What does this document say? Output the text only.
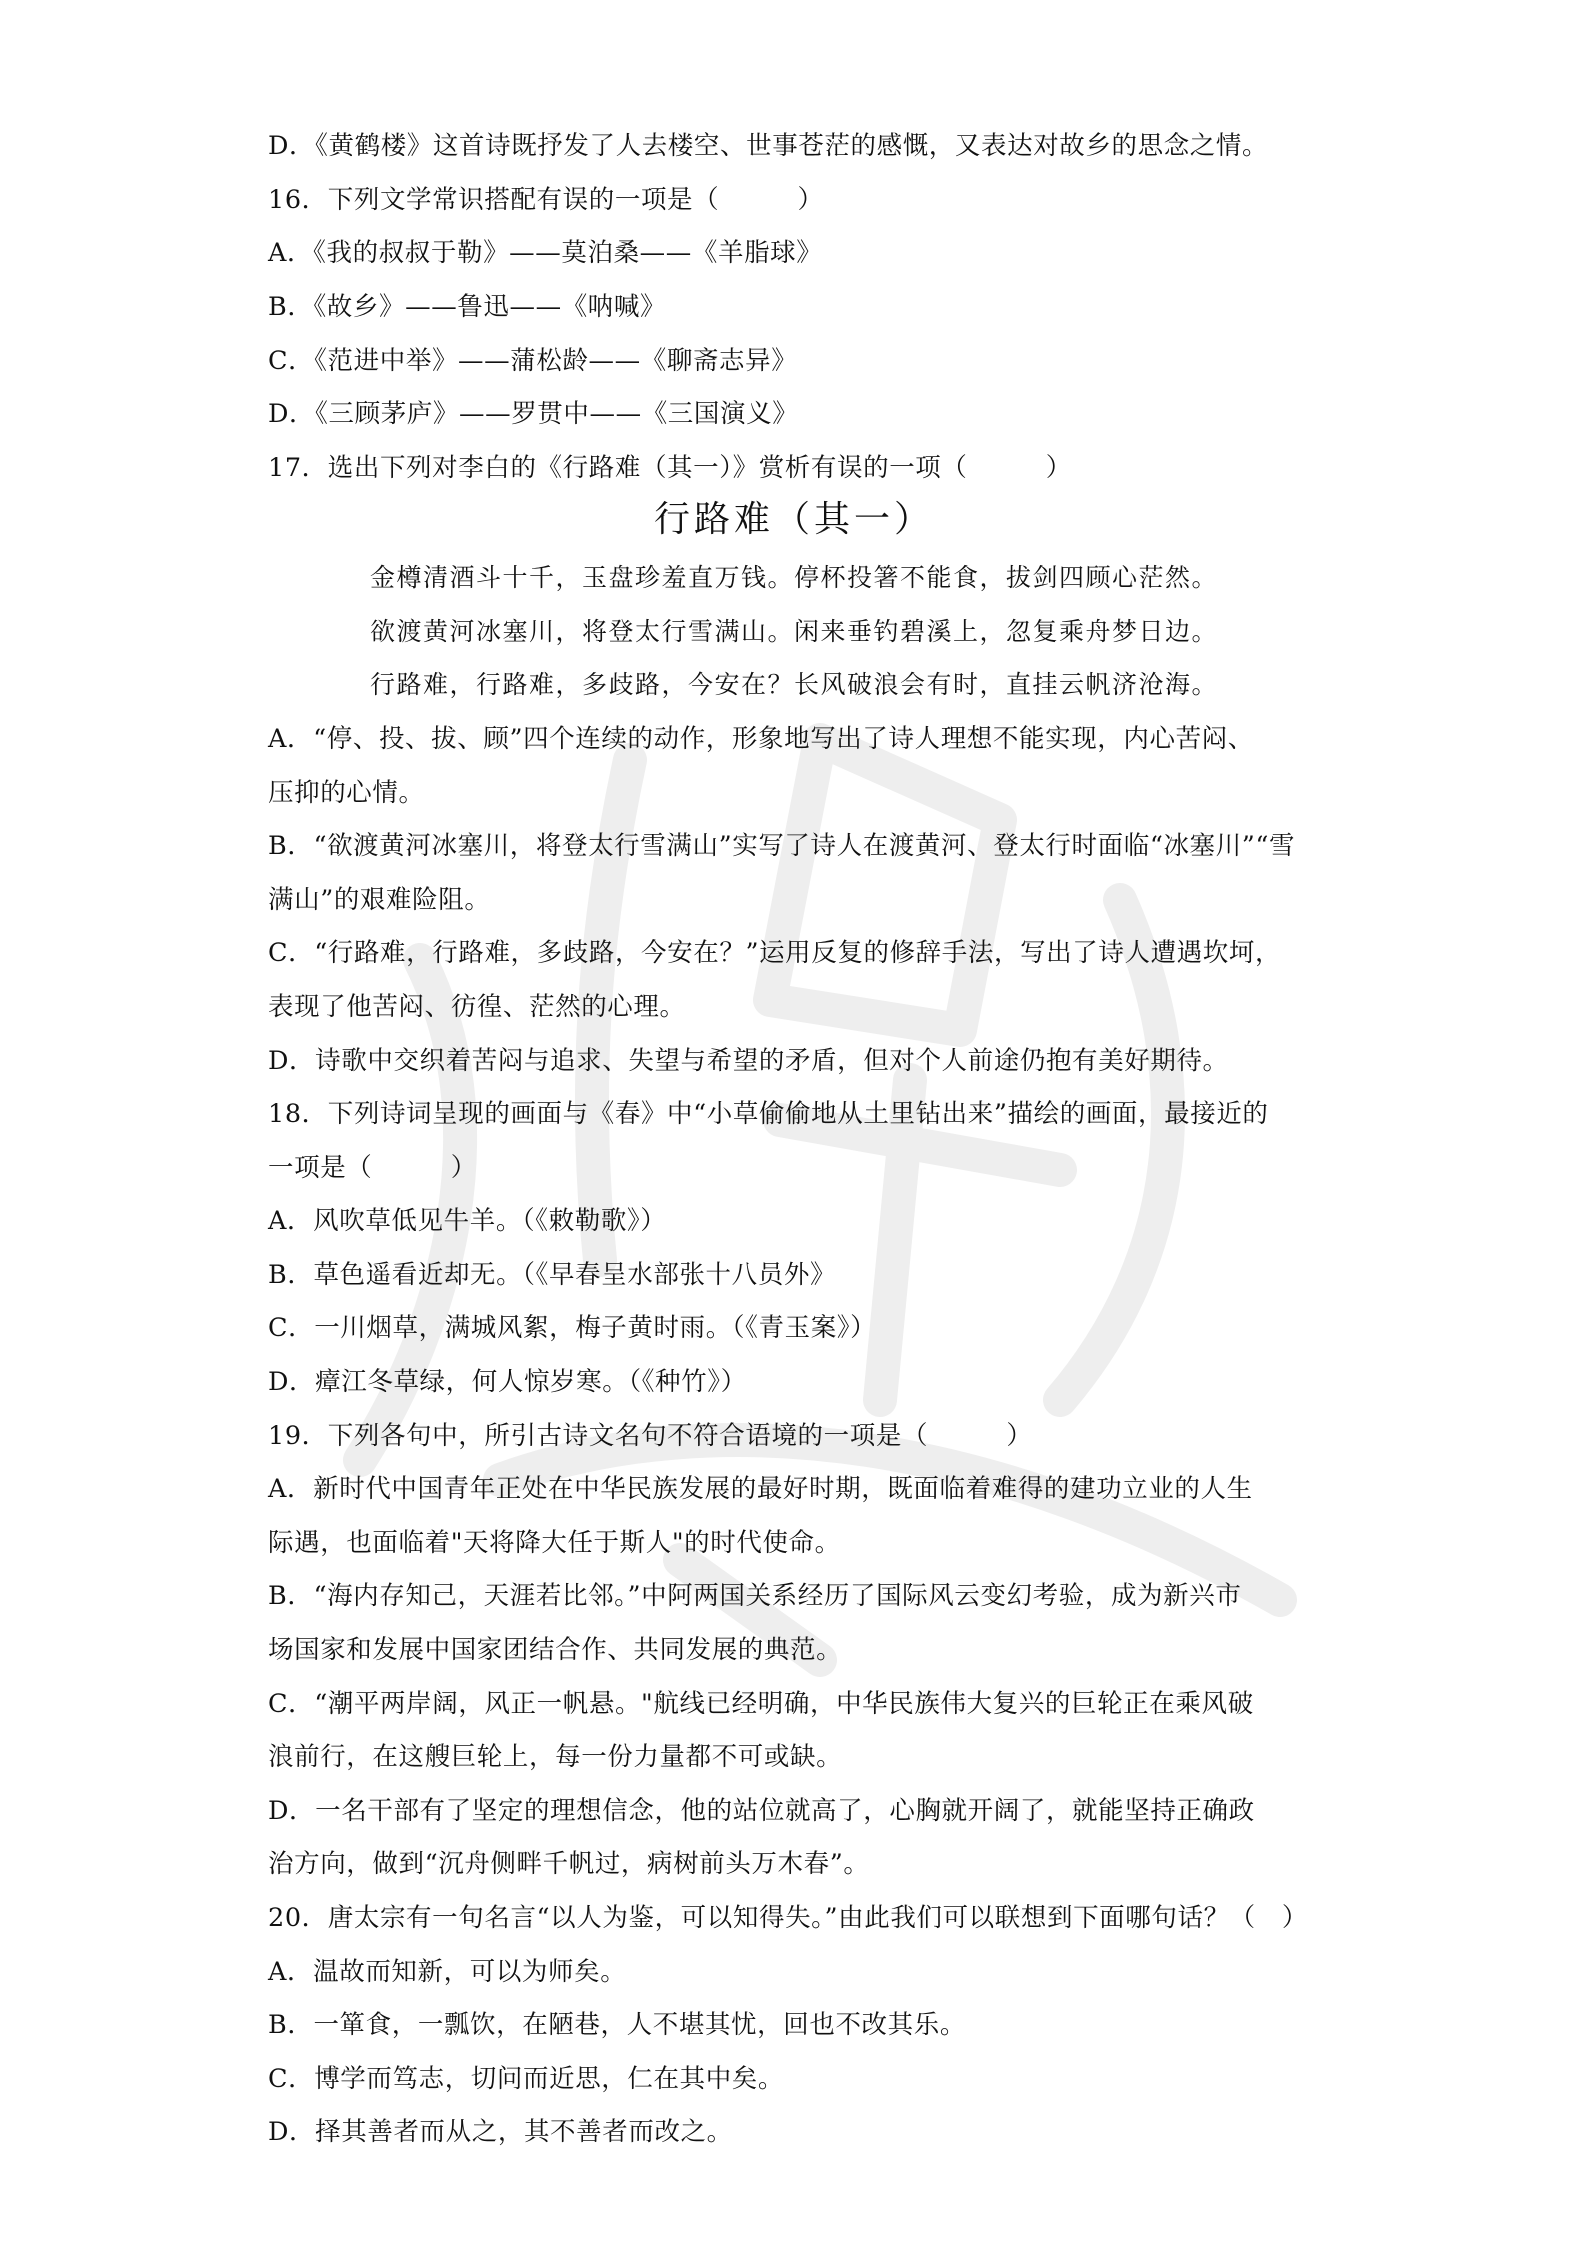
D．《黄鹤楼》这首诗既抒发了人去楼空、世事苍茫的感慨，又表达对故乡的思念之情。
16．下列文学常识搭配有误的一项是（　　　）
A．《我的叔叔于勒》——莫泊桑——《羊脂球》
B．《故乡》——鲁迅——《呐喊》
C．《范进中举》——蒲松龄——《聊斋志异》
D．《三顾茅庐》——罗贯中——《三国演义》
17．选出下列对李白的《行路难（其一）》赏析有误的一项（　　　）
行路难（其一）
金樽清酒斗十千，玉盘珍羞直万钱。停杯投箸不能食，拔剑四顾心茫然。
欲渡黄河冰塞川，将登太行雪满山。闲来垂钓碧溪上，忽复乘舟梦日边。
行路难，行路难，多歧路，今安在？长风破浪会有时，直挂云帆济沧海。
A．“停、投、拔、顾”四个连续的动作，形象地写出了诗人理想不能实现，内心苦闷、
压抑的心情。
B．“欲渡黄河冰塞川，将登太行雪满山”实写了诗人在渡黄河、登太行时面临“冰塞川”“雪
满山”的艰难险阻。
C．“行路难，行路难，多歧路，今安在？”运用反复的修辞手法，写出了诗人遭遇坎坷，
表现了他苦闷、彷徨、茫然的心理。
D．诗歌中交织着苦闷与追求、失望与希望的矛盾，但对个人前途仍抱有美好期待。
18．下列诗词呈现的画面与《春》中“小草偷偷地从土里钻出来”描绘的画面，最接近的
一项是（　　　）
A．风吹草低见牛羊。（《敕勒歌》）
B．草色遥看近却无。（《早春呈水部张十八员外》
C．一川烟草，满城风絮，梅子黄时雨。（《青玉案》）
D．瘴江冬草绿，何人惊岁寒。（《种竹》）
19．下列各句中，所引古诗文名句不符合语境的一项是（　　　）
A．新时代中国青年正处在中华民族发展的最好时期，既面临着难得的建功立业的人生
际遇，也面临着"天将降大任于斯人"的时代使命。
B．“海内存知己，天涯若比邻。”中阿两国关系经历了国际风云变幻考验，成为新兴市
场国家和发展中国家团结合作、共同发展的典范。
C．“潮平两岸阔，风正一帆悬。"航线已经明确，中华民族伟大复兴的巨轮正在乘风破
浪前行，在这艘巨轮上，每一份力量都不可或缺。
D．一名干部有了坚定的理想信念，他的站位就高了，心胸就开阔了，就能坚持正确政
治方向，做到“沉舟侧畔千帆过，病树前头万木春”。
20．唐太宗有一句名言“以人为鉴，可以知得失。”由此我们可以联想到下面哪句话？（　）
A．温故而知新，可以为师矣。
B．一箪食，一瓢饮，在陋巷，人不堪其忧，回也不改其乐。
C．博学而笃志，切问而近思，仁在其中矣。
D．择其善者而从之，其不善者而改之。
